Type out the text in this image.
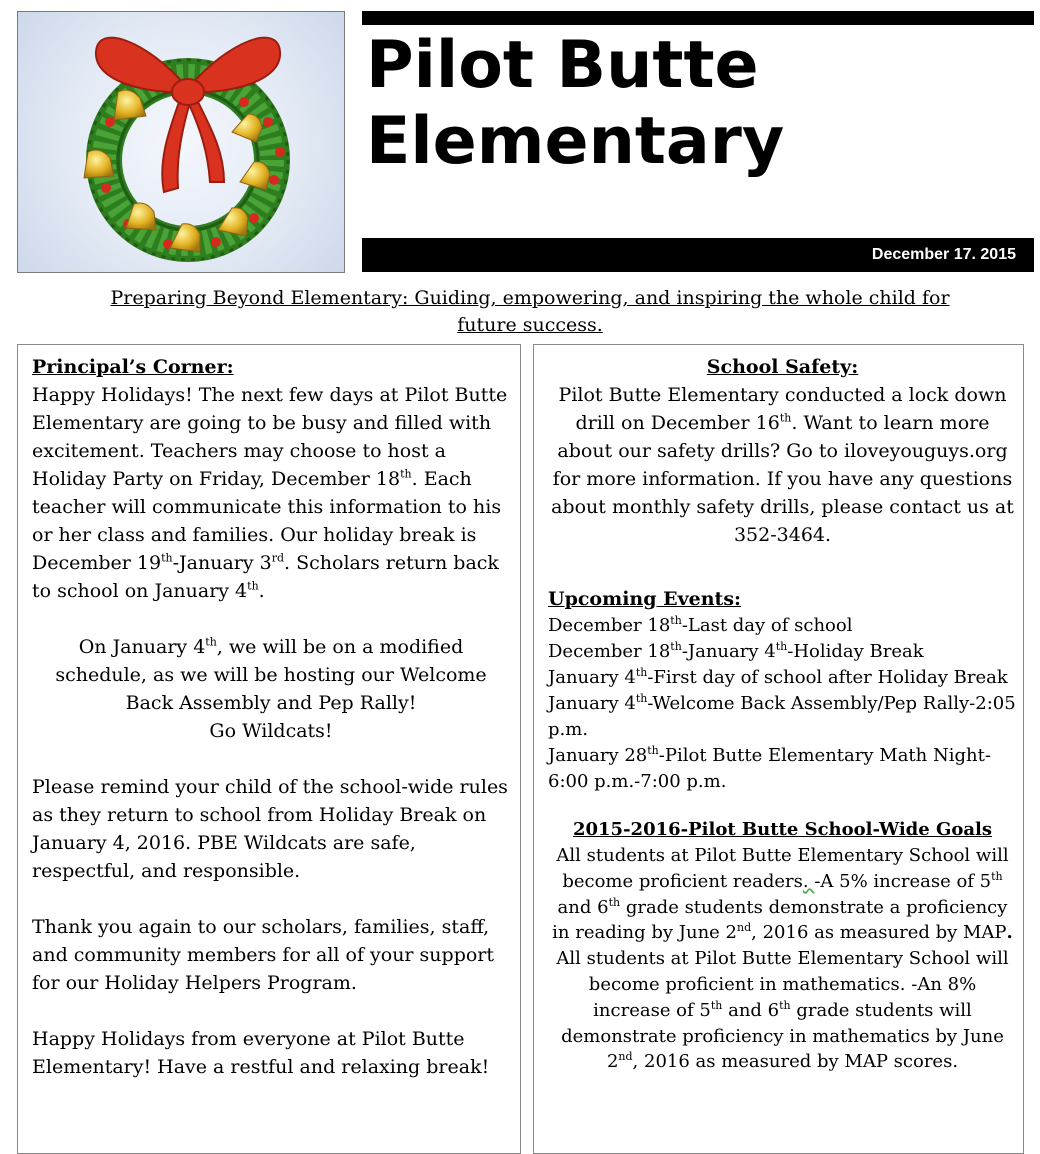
Pilot Butte
Elementary
December 17. 2015
Preparing Beyond Elementary: Guiding, empowering, and inspiring the whole child for
future success.
Principal’s Corner:

Happy Holidays! The next few days at Pilot Butte Elementary are going to be busy and filled with excitement. Teachers may choose to host a Holiday Party on Friday, December 18th. Each teacher will communicate this information to his or her class and families. Our holiday break is December 19th-January 3rd. Scholars return back to school on January 4th.

On January 4th, we will be on a modified schedule, as we will be hosting our Welcome Back Assembly and Pep Rally!
Go Wildcats!

Please remind your child of the school-wide rules as they return to school from Holiday Break on January 4, 2016. PBE Wildcats are safe, respectful, and responsible.

Thank you again to our scholars, families, staff, and community members for all of your support for our Holiday Helpers Program.

Happy Holidays from everyone at Pilot Butte Elementary! Have a restful and relaxing break!

School Safety:

Pilot Butte Elementary conducted a lock down drill on December 16th. Want to learn more about our safety drills? Go to iloveyouguys.org for more information. If you have any questions about monthly safety drills, please contact us at 352-3464.

Upcoming Events:
December 18th-Last day of school
December 18th-January 4th-Holiday Break
January 4th-First day of school after Holiday Break
January 4th-Welcome Back Assembly/Pep Rally-2:05 p.m.
January 28th-Pilot Butte Elementary Math Night-6:00 p.m.-7:00 p.m.
2015-2016-Pilot Butte School-Wide Goals
All students at Pilot Butte Elementary School will become proficient readers. -A 5% increase of 5th and 6th grade students demonstrate a proficiency in reading by June 2nd, 2016 as measured by MAP.
All students at Pilot Butte Elementary School will become proficient in mathematics. -An 8% increase of 5th and 6th grade students will demonstrate proficiency in mathematics by June 2nd, 2016 as measured by MAP scores.
